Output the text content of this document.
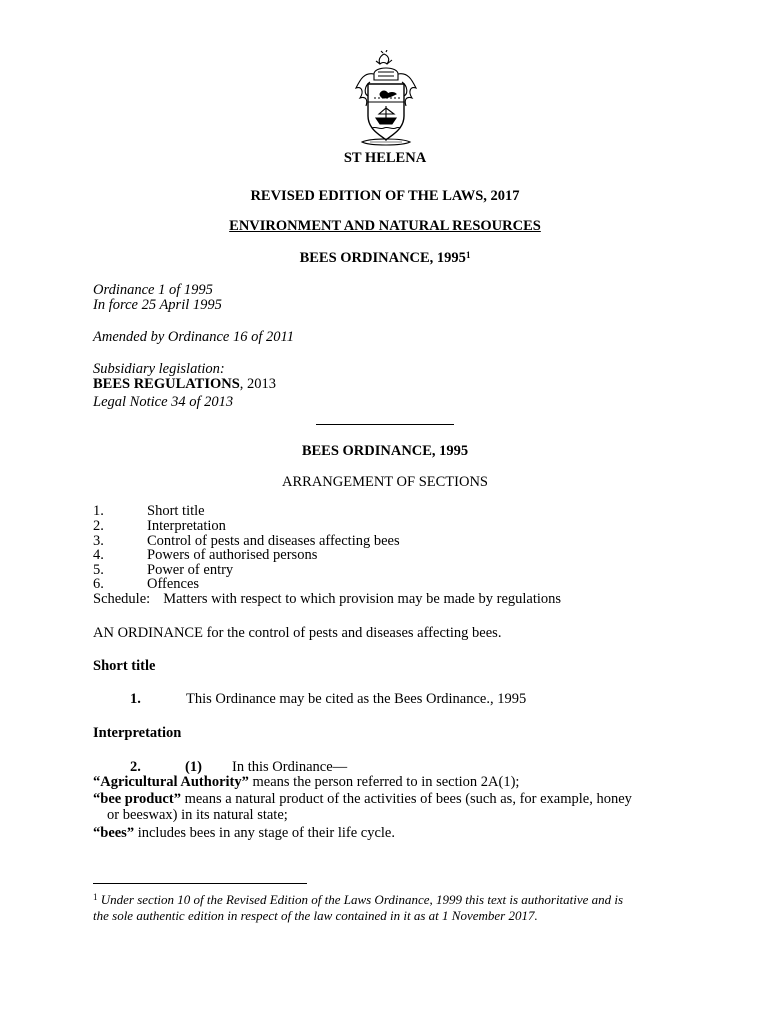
ST HELENA
REVISED EDITION OF THE LAWS, 2017
ENVIRONMENT AND NATURAL RESOURCES
BEES ORDINANCE, 1995$^1$
Ordinance 1 of 1995
In force 25 April 1995
Amended by Ordinance 16 of 2011
Subsidiary legislation:
BEES REGULATIONS, 2013
Legal Notice 34 of 2013
BEES ORDINANCE, 1995
ARRANGEMENT OF SECTIONS
1.	Short title
2.	Interpretation
3.	Control of pests and diseases affecting bees
4.	Powers of authorised persons
5.	Power of entry
6.	Offences
Schedule: Matters with respect to which provision may be made by regulations
AN ORDINANCE for the control of pests and diseases affecting bees.
Short title
1.	This Ordinance may be cited as the Bees Ordinance., 1995
Interpretation
2.	(1) In this Ordinance—
“Agricultural Authority” means the person referred to in section 2A(1);
“bee product” means a natural product of the activities of bees (such as, for example, honey
or beeswax) in its natural state;
“bees” includes bees in any stage of their life cycle.
$^1$ Under section 10 of the Revised Edition of the Laws Ordinance, 1999 this text is authoritative and is
the sole authentic edition in respect of the law contained in it as at 1 November 2017.
